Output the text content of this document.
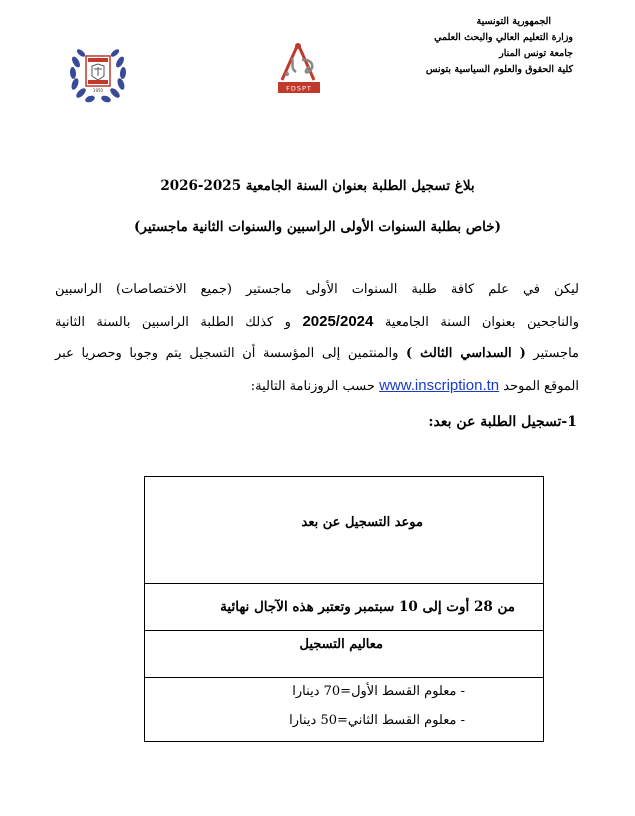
الجمهورية التونسية
وزارة التعليم العالي والبحث العلمي
جامعة تونس المنار
كلية الحقوق والعلوم السياسية بتونس
1950	FDSPT
بلاغ تسجيل الطلبة بعنوان السنة الجامعية 2025-2026
(خاص بطلبة السنوات الأولى الراسبين والسنوات الثانية ماجستير)
ليكن في علم كافة طلبة السنوات الأولى ماجستير (جميع الاختصاصات) الراسبين
والناجحين بعنوان السنة الجامعية 2025/2024 و كذلك الطلبة الراسبين بالسنة الثانية
ماجستير ( السداسي الثالث ) والمنتمين إلى المؤسسة أن التسجيل يتم وجوبا وحصريا عبر
الموقع الموحد www.inscription.tn حسب الروزنامة التالية:
1-تسجيل الطلبة عن بعد:
موعد التسجيل عن بعد
من 28 أوت إلى 10 سبتمبر وتعتبر هذه الآجال نهائية
معاليم التسجيل
- معلوم القسط الأول=70 دينارا
- معلوم القسط الثاني=50 دينارا
